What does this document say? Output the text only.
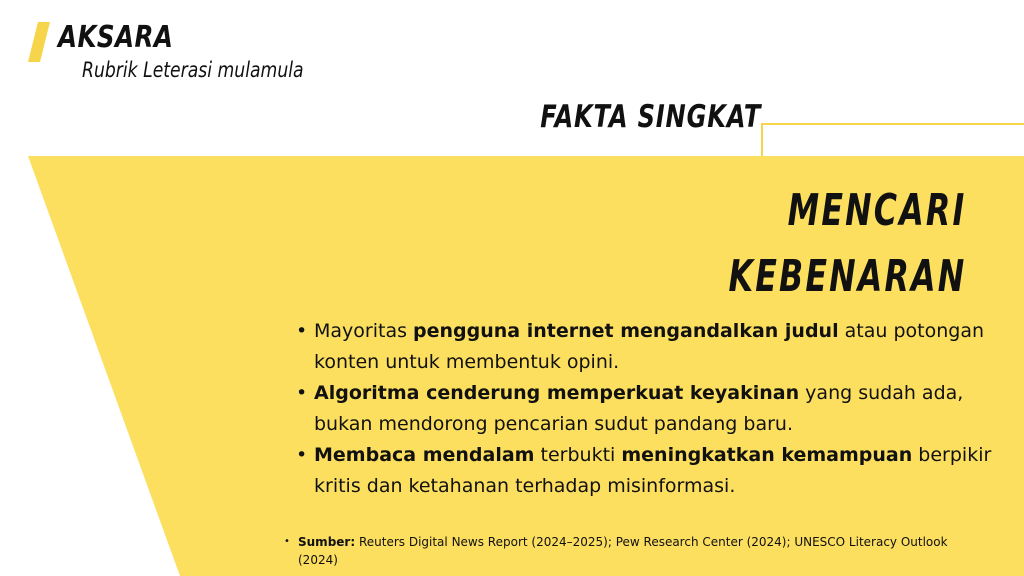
AKSARA
Rubrik Leterasi mulamula
FAKTA SINGKAT
MENCARI
KEBENARAN
• Mayoritas pengguna internet mengandalkan judul atau potongan konten untuk membentuk opini.
• Algoritma cenderung memperkuat keyakinan yang sudah ada, bukan mendorong pencarian sudut pandang baru.
• Membaca mendalam terbukti meningkatkan kemampuan berpikir kritis dan ketahanan terhadap misinformasi.
• Sumber: Reuters Digital News Report (2024–2025); Pew Research Center (2024); UNESCO Literacy Outlook (2024)
